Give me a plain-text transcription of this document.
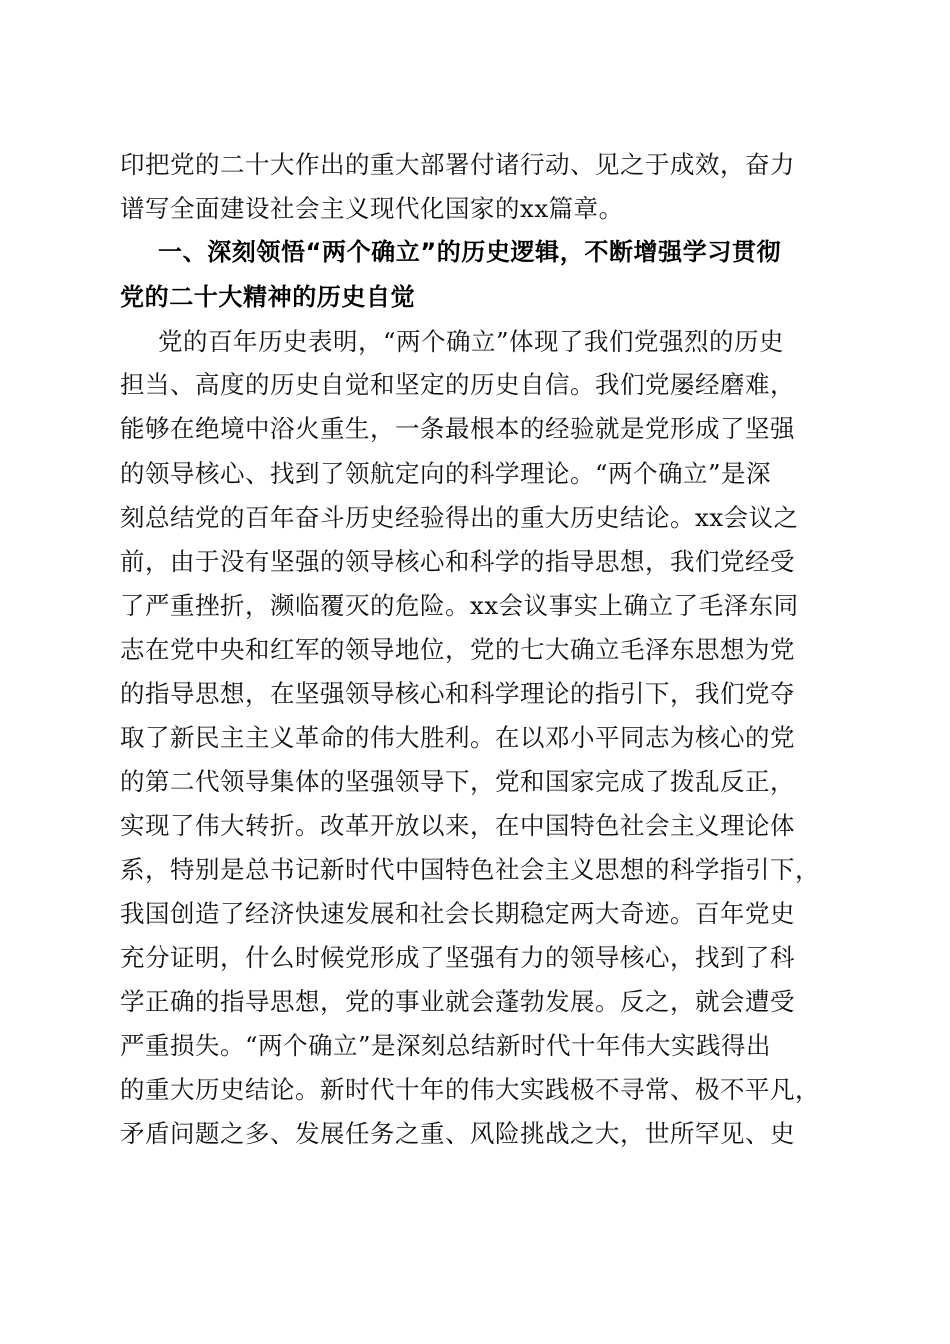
印把党的二十大作出的重大部署付诸行动、见之于成效，奋力
谱写全面建设社会主义现代化国家的xx篇章。
一、深刻领悟“两个确立”的历史逻辑，不断增强学习贯彻
党的二十大精神的历史自觉
党的百年历史表明，“两个确立”体现了我们党强烈的历史
担当、高度的历史自觉和坚定的历史自信。我们党屡经磨难，
能够在绝境中浴火重生，一条最根本的经验就是党形成了坚强
的领导核心、找到了领航定向的科学理论。“两个确立”是深
刻总结党的百年奋斗历史经验得出的重大历史结论。xx会议之
前，由于没有坚强的领导核心和科学的指导思想，我们党经受
了严重挫折，濒临覆灭的危险。xx会议事实上确立了毛泽东同
志在党中央和红军的领导地位，党的七大确立毛泽东思想为党
的指导思想，在坚强领导核心和科学理论的指引下，我们党夺
取了新民主主义革命的伟大胜利。在以邓小平同志为核心的党
的第二代领导集体的坚强领导下，党和国家完成了拨乱反正，
实现了伟大转折。改革开放以来，在中国特色社会主义理论体
系，特别是总书记新时代中国特色社会主义思想的科学指引下，
我国创造了经济快速发展和社会长期稳定两大奇迹。百年党史
充分证明，什么时候党形成了坚强有力的领导核心，找到了科
学正确的指导思想，党的事业就会蓬勃发展。反之，就会遭受
严重损失。“两个确立”是深刻总结新时代十年伟大实践得出
的重大历史结论。新时代十年的伟大实践极不寻常、极不平凡，
矛盾问题之多、发展任务之重、风险挑战之大，世所罕见、史
